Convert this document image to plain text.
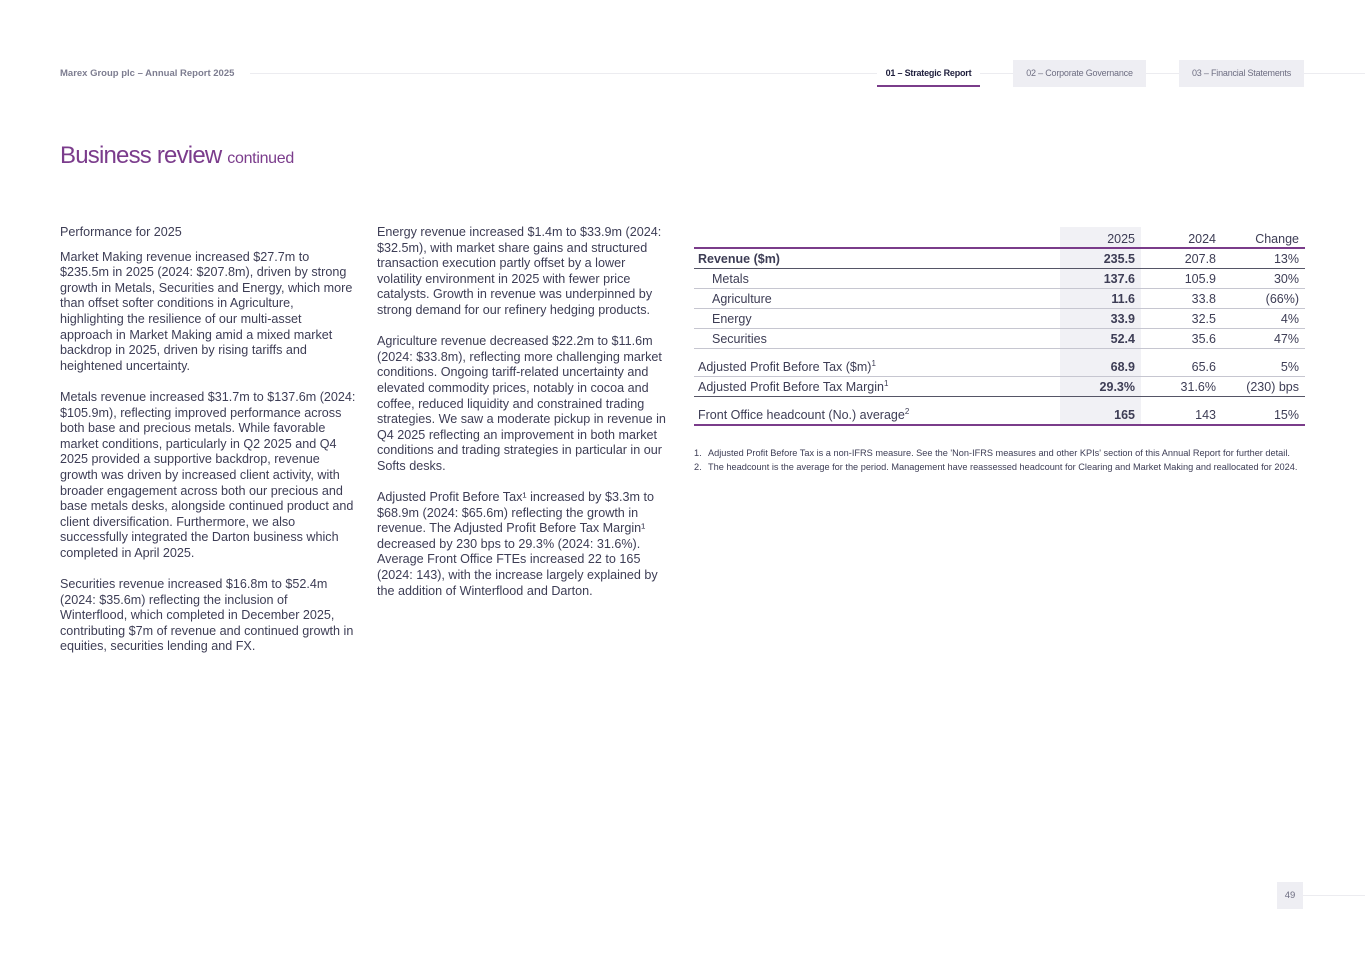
Marex Group plc – Annual Report 2025	01 – Strategic Report	02 – Corporate Governance	03 – Financial Statements
Business review continued
Performance for 2025

Market Making revenue increased $27.7m to $235.5m in 2025 (2024: $207.8m), driven by strong growth in Metals, Securities and Energy, which more than offset softer conditions in Agriculture, highlighting the resilience of our multi-asset approach in Market Making amid a mixed market backdrop in 2025, driven by rising tariffs and heightened uncertainty.

Metals revenue increased $31.7m to $137.6m (2024: $105.9m), reflecting improved performance across both base and precious metals. While favorable market conditions, particularly in Q2 2025 and Q4 2025 provided a supportive backdrop, revenue growth was driven by increased client activity, with broader engagement across both our precious and base metals desks, alongside continued product and client diversification. Furthermore, we also successfully integrated the Darton business which completed in April 2025.

Securities revenue increased $16.8m to $52.4m (2024: $35.6m) reflecting the inclusion of Winterflood, which completed in December 2025, contributing $7m of revenue and continued growth in equities, securities lending and FX.

Energy revenue increased $1.4m to $33.9m (2024: $32.5m), with market share gains and structured transaction execution partly offset by a lower volatility environment in 2025 with fewer price catalysts. Growth in revenue was underpinned by strong demand for our refinery hedging products.

Agriculture revenue decreased $22.2m to $11.6m (2024: $33.8m), reflecting more challenging market conditions. Ongoing tariff-related uncertainty and elevated commodity prices, notably in cocoa and coffee, reduced liquidity and constrained trading strategies. We saw a moderate pickup in revenue in Q4 2025 reflecting an improvement in both market conditions and trading strategies in particular in our Softs desks.

Adjusted Profit Before Tax¹ increased by $3.3m to $68.9m (2024: $65.6m) reflecting the growth in revenue. The Adjusted Profit Before Tax Margin¹ decreased by 230 bps to 29.3% (2024: 31.6%). Average Front Office FTEs increased 22 to 165 (2024: 143), with the increase largely explained by the addition of Winterflood and Darton.

	2025	2024	Change
Revenue ($m)	235.5	207.8	13%
Metals	137.6	105.9	30%
Agriculture	11.6	33.8	(66%)
Energy	33.9	32.5	4%
Securities	52.4	35.6	47%

Adjusted Profit Before Tax ($m)$^1$	68.9	65.6	5%
Adjusted Profit Before Tax Margin$^1$	29.3%	31.6%	(230) bps

Front Office headcount (No.) average$^2$	165	143	15%
1. Adjusted Profit Before Tax is a non-IFRS measure. See the 'Non-IFRS measures and other KPIs' section of this Annual Report for further detail.
2. The headcount is the average for the period. Management have reassessed headcount for Clearing and Market Making and reallocated for 2024.
49
